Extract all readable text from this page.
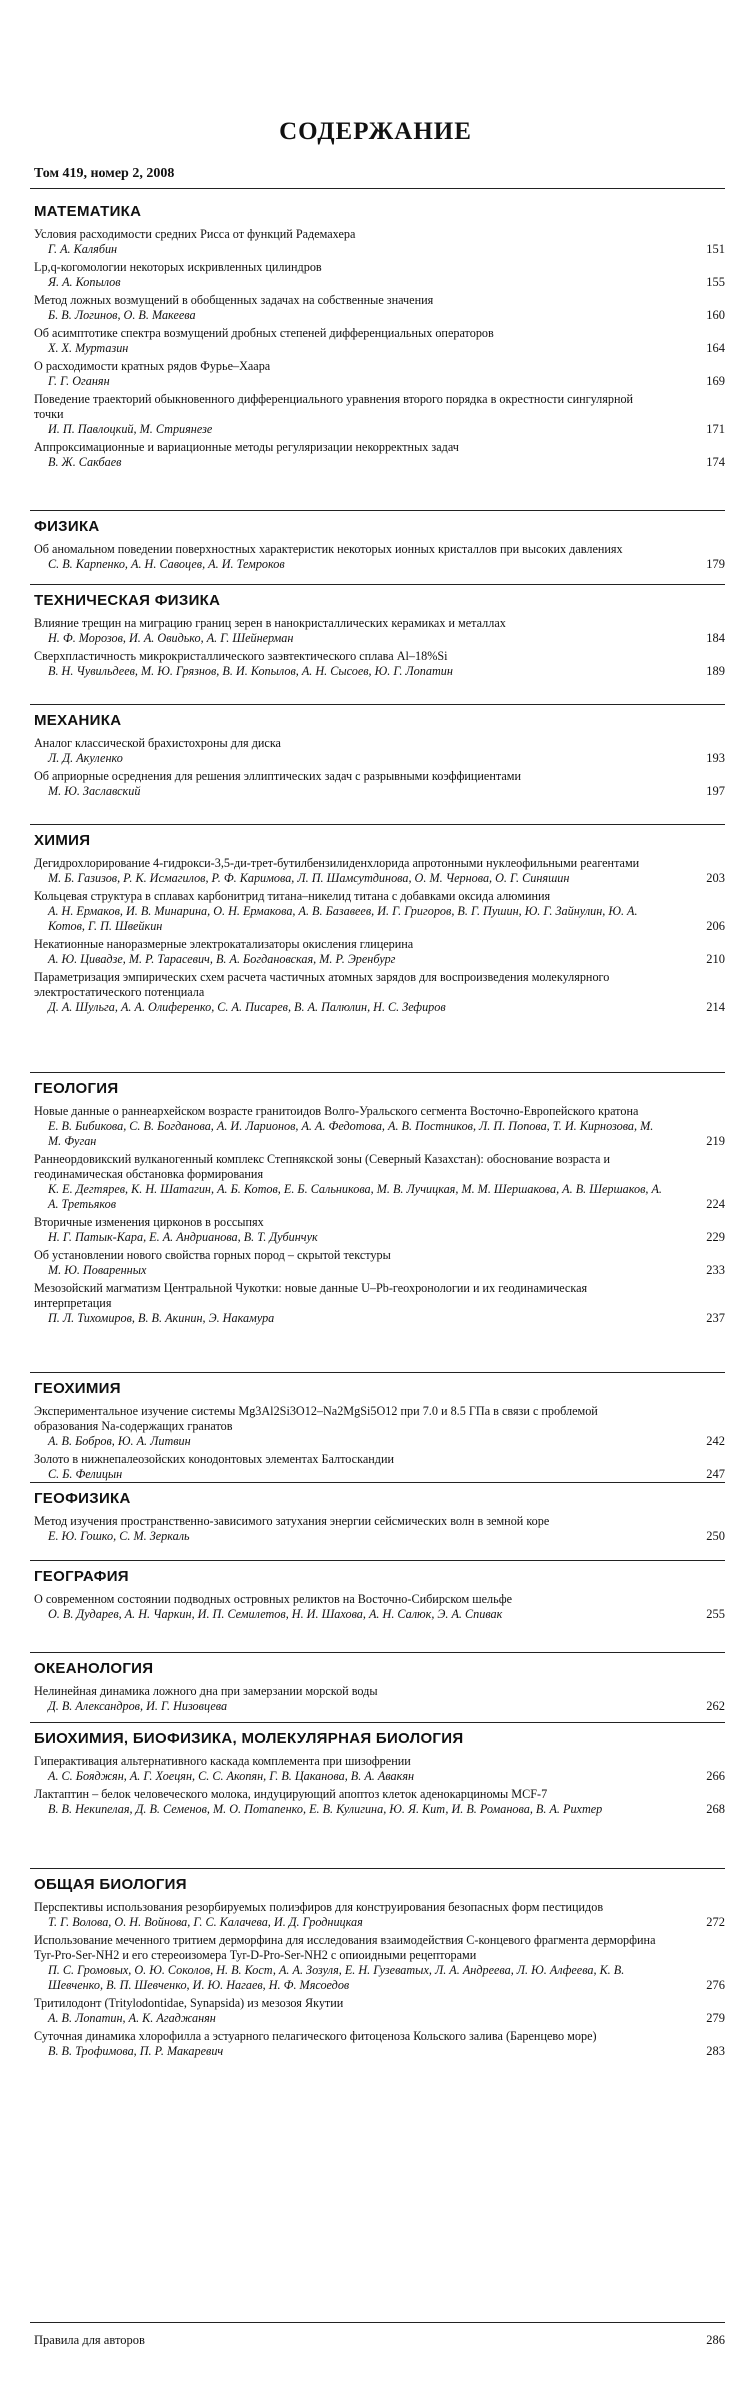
СОДЕРЖАНИЕ
Том 419, номер 2, 2008
МАТЕМАТИКА
Условия расходимости средних Рисса от функций Радемахера
Г. А. Калябин	151
Lp,q-когомологии некоторых искривленных цилиндров
Я. А. Копылов	155
Метод ложных возмущений в обобщенных задачах на собственные значения
Б. В. Логинов, О. В. Макеева	160
Об асимптотике спектра возмущений дробных степеней дифференциальных операторов
Х. Х. Муртазин	164
О расходимости кратных рядов Фурье–Хаара
Г. Г. Оганян	169
Поведение траекторий обыкновенного дифференциального уравнения второго порядка в окрестности сингулярной точки
И. П. Павлоцкий, М. Стриянезе	171
Аппроксимационные и вариационные методы регуляризации некорректных задач
В. Ж. Сакбаев	174
ФИЗИКА
Об аномальном поведении поверхностных характеристик некоторых ионных кристаллов при высоких давлениях
С. В. Карпенко, А. Н. Савоцев, А. И. Темроков	179
ТЕХНИЧЕСКАЯ ФИЗИКА
Влияние трещин на миграцию границ зерен в нанокристаллических керамиках и металлах
Н. Ф. Морозов, И. А. Овидько, А. Г. Шейнерман	184
Сверхпластичность микрокристаллического заэвтектического сплава Al–18%Si
В. Н. Чувильдеев, М. Ю. Грязнов, В. И. Копылов, А. Н. Сысоев, Ю. Г. Лопатин	189
МЕХАНИКА
Аналог классической брахистохроны для диска
Л. Д. Акуленко	193
Об априорные осреднения для решения эллиптических задач с разрывными коэффициентами
М. Ю. Заславский	197
ХИМИЯ
Дегидрохлорирование 4-гидрокси-3,5-ди-трет-бутилбензилиденхлорида апротонными нуклеофильными реагентами
М. Б. Газизов, Р. К. Исмагилов, Р. Ф. Каримова, Л. П. Шамсутдинова, О. М. Чернова, О. Г. Синяшин	203
Кольцевая структура в сплавах карбонитрид титана–никелид титана с добавками оксида алюминия
А. Н. Ермаков, И. В. Минарина, О. Н. Ермакова, А. В. Базавеев, И. Г. Григоров, В. Г. Пушин, Ю. Г. Зайнулин, Ю. А. Котов, Г. П. Швейкин	206
Некатионные наноразмерные электрокатализаторы окисления глицерина
А. Ю. Цивадзе, М. Р. Тарасевич, В. А. Богдановская, М. Р. Эренбург	210
Параметризация эмпирических схем расчета частичных атомных зарядов для воспроизведения молекулярного электростатического потенциала
Д. А. Шульга, А. А. Олиференко, С. А. Писарев, В. А. Палюлин, Н. С. Зефиров	214
ГЕОЛОГИЯ
Новые данные о раннеархейском возрасте гранитоидов Волго-Уральского сегмента Восточно-Европейского кратона
Е. В. Бибикова, С. В. Богданова, А. И. Ларионов, А. А. Федотова, А. В. Постников, Л. П. Попова, Т. И. Кирнозова, М. М. Фуган	219
Раннеордовикский вулканогенный комплекс Степнякской зоны (Северный Казахстан): обоснование возраста и геодинамическая обстановка формирования
К. Е. Дегтярев, К. Н. Шатагин, А. Б. Котов, Е. Б. Сальникова, М. В. Лучицкая, М. М. Шершакова, А. В. Шершаков, А. А. Третьяков	224
Вторичные изменения цирконов в россыпях
Н. Г. Патык-Кара, Е. А. Андрианова, В. Т. Дубинчук	229
Об установлении нового свойства горных пород – скрытой текстуры
М. Ю. Поваренных	233
Мезозойский магматизм Центральной Чукотки: новые данные U–Pb-геохронологии и их геодинамическая интерпретация
П. Л. Тихомиров, В. В. Акинин, Э. Накамура	237
ГЕОХИМИЯ
Экспериментальное изучение системы Mg3Al2Si3O12–Na2MgSi5O12 при 7.0 и 8.5 ГПа в связи с проблемой образования Na-содержащих гранатов
А. В. Бобров, Ю. А. Литвин	242
Золото в нижнепалеозойских конодонтовых элементах Балтоскандии
С. Б. Фелицын	247
ГЕОФИЗИКА
Метод изучения пространственно-зависимого затухания энергии сейсмических волн в земной коре
Е. Ю. Гошко, С. М. Зеркаль	250
ГЕОГРАФИЯ
О современном состоянии подводных островных реликтов на Восточно-Сибирском шельфе
О. В. Дударев, А. Н. Чаркин, И. П. Семилетов, Н. И. Шахова, А. Н. Салюк, Э. А. Спивак	255
ОКЕАНОЛОГИЯ
Нелинейная динамика ложного дна при замерзании морской воды
Д. В. Александров, И. Г. Низовцева	262
БИОХИМИЯ, БИОФИЗИКА, МОЛЕКУЛЯРНАЯ БИОЛОГИЯ
Гиперактивация альтернативного каскада комплемента при шизофрении
А. С. Бояджян, А. Г. Хоецян, С. С. Акопян, Г. В. Цаканова, В. А. Авакян	266
Лактаптин – белок человеческого молока, индуцирующий апоптоз клеток аденокарциномы MCF-7
В. В. Некипелая, Д. В. Семенов, М. О. Потапенко, Е. В. Кулигина, Ю. Я. Кит, И. В. Романова, В. А. Рихтер	268
ОБЩАЯ БИОЛОГИЯ
Перспективы использования резорбируемых полиэфиров для конструирования безопасных форм пестицидов
Т. Г. Волова, О. Н. Войнова, Г. С. Калачева, И. Д. Гродницкая	272
Использование меченного тритием дерморфина для исследования взаимодействия С-концевого фрагмента дерморфина Tyr-Pro-Ser-NH2 и его стереоизомера Tyr-D-Pro-Ser-NH2 с опиоидными рецепторами
П. С. Громовых, О. Ю. Соколов, Н. В. Кост, А. А. Зозуля, Е. Н. Гузеватых, Л. А. Андреева, Л. Ю. Алфеева, К. В. Шевченко, В. П. Шевченко, И. Ю. Нагаев, Н. Ф. Мясоедов	276
Тритилодонт (Tritylodontidae, Synapsida) из мезозоя Якутии
А. В. Лопатин, А. К. Агаджанян	279
Суточная динамика хлорофилла а эстуарного пелагического фитоценоза Кольского залива (Баренцево море)
В. В. Трофимова, П. Р. Макаревич	283
Правила для авторов	286
